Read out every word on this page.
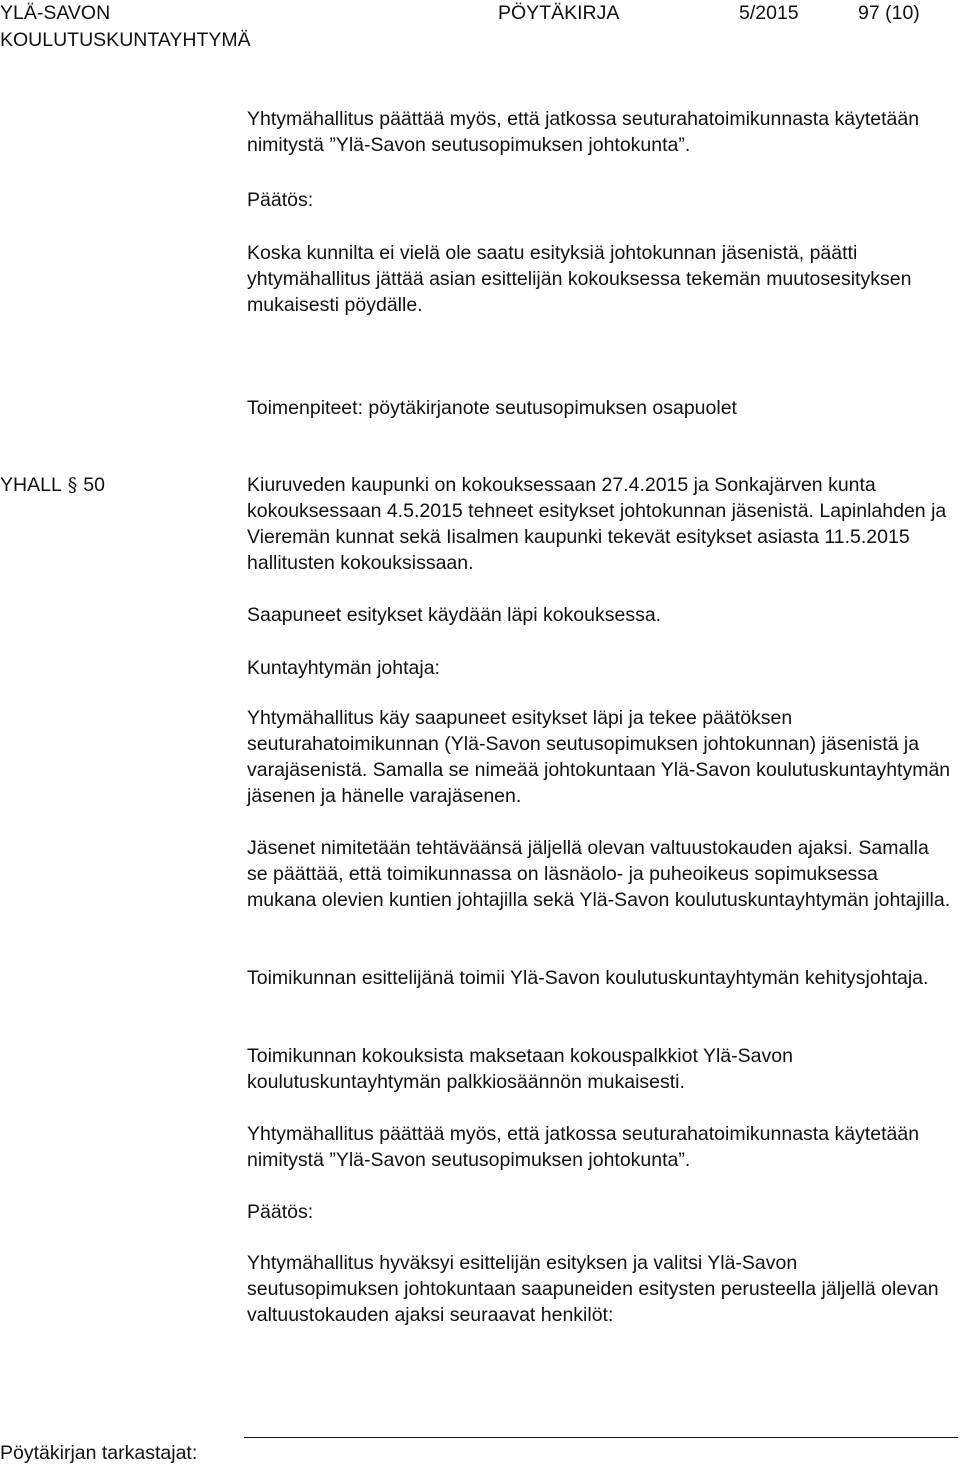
YLÄ-SAVON
KOULUTUSKUNTAYHTYMÄ
PÖYTÄKIRJA	5/2015	97 (10)

Yhtymähallitus päättää myös, että jatkossa seuturahatoimikunnasta käytetään nimitystä ”Ylä-Savon seutusopimuksen johtokunta”.

Päätös:

Koska kunnilta ei vielä ole saatu esityksiä johtokunnan jäsenistä, päätti yhtymähallitus jättää asian esittelijän kokouksessa tekemän muutosesityksen mukaisesti pöydälle.

Toimenpiteet: pöytäkirjanote seutusopimuksen osapuolet

YHALL § 50	Kiuruveden kaupunki on kokouksessaan 27.4.2015 ja Sonkajärven kunta kokouksessaan 4.5.2015 tehneet esitykset johtokunnan jäsenistä. Lapinlahden ja Vieremän kunnat sekä Iisalmen kaupunki tekevät esitykset asiasta 11.5.2015 hallitusten kokouksissaan.

Saapuneet esitykset käydään läpi kokouksessa.

Kuntayhtymän johtaja:

Yhtymähallitus käy saapuneet esitykset läpi ja tekee päätöksen seuturahatoimikunnan (Ylä-Savon seutusopimuksen johtokunnan) jäsenistä ja varajäsenistä. Samalla se nimeää johtokuntaan Ylä-Savon koulutuskuntayhtymän jäsenen ja hänelle varajäsenen.

Jäsenet nimitetään tehtäväänsä jäljellä olevan valtuustokauden ajaksi. Samalla se päättää, että toimikunnassa on läsnäolo- ja puheoikeus sopimuksessa mukana olevien kuntien johtajilla sekä Ylä-Savon koulutuskuntayhtymän johtajilla.

Toimikunnan esittelijänä toimii Ylä-Savon koulutuskuntayhtymän kehitysjohtaja.

Toimikunnan kokouksista maksetaan kokouspalkkiot Ylä-Savon koulutuskuntayhtymän palkkiosäännön mukaisesti.

Yhtymähallitus päättää myös, että jatkossa seuturahatoimikunnasta käytetään nimitystä ”Ylä-Savon seutusopimuksen johtokunta”.

Päätös:

Yhtymähallitus hyväksyi esittelijän esityksen ja valitsi Ylä-Savon seutusopimuksen johtokuntaan saapuneiden esitysten perusteella jäljellä olevan valtuustokauden ajaksi seuraavat henkilöt:

Pöytäkirjan tarkastajat:
